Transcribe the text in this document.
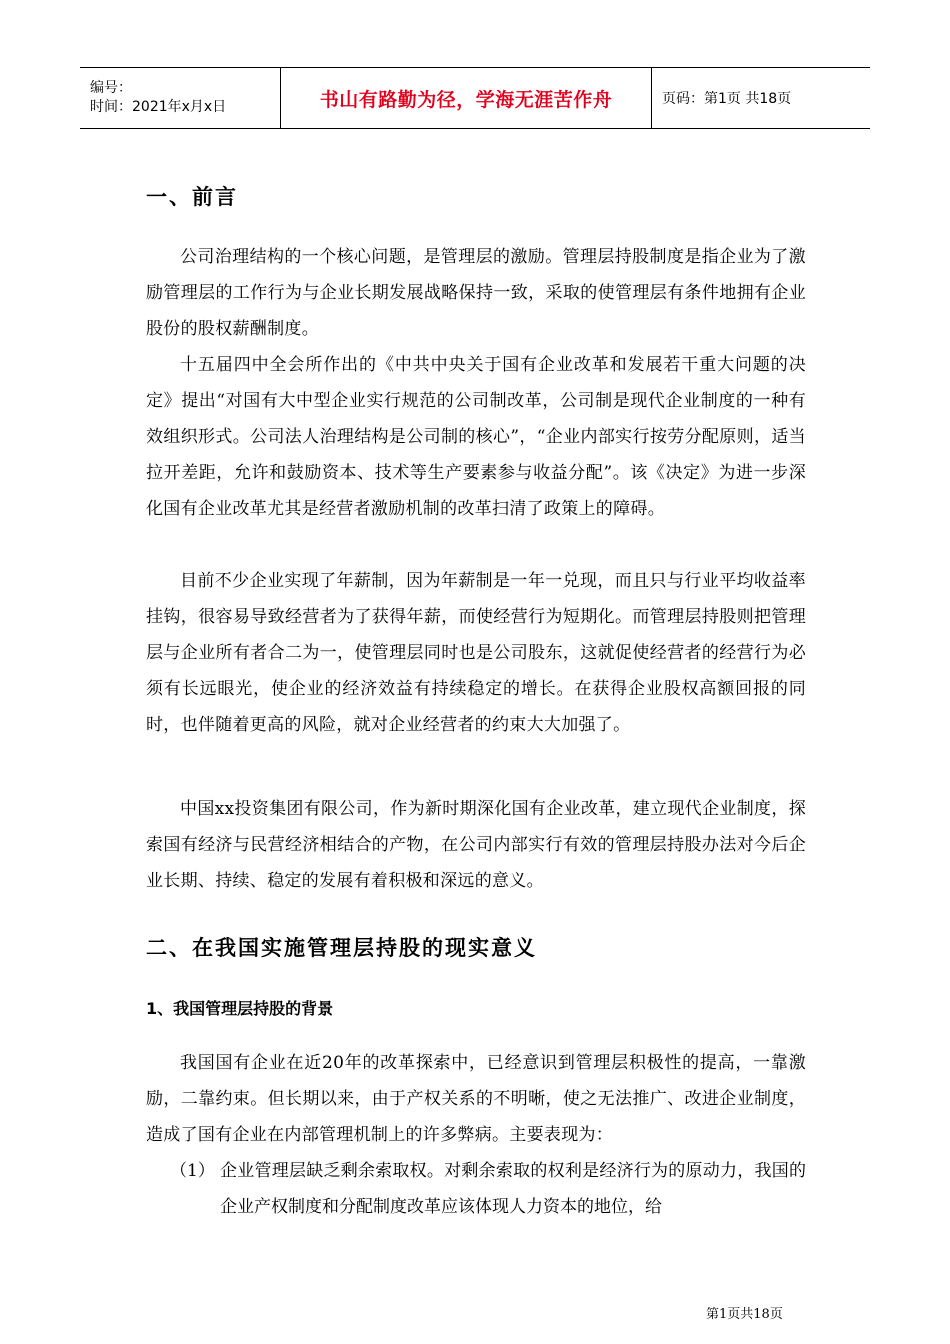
编号：
时间：2021年x月x日	书山有路勤为径，学海无涯苦作舟	页码：第1页 共18页
一、前言
公司治理结构的一个核心问题，是管理层的激励。管理层持股制度是指企业为了激励管理层的工作行为与企业长期发展战略保持一致，采取的使管理层有条件地拥有企业股份的股权薪酬制度。
十五届四中全会所作出的《中共中央关于国有企业改革和发展若干重大问题的决定》提出“对国有大中型企业实行规范的公司制改革，公司制是现代企业制度的一种有效组织形式。公司法人治理结构是公司制的核心”，“企业内部实行按劳分配原则，适当拉开差距，允许和鼓励资本、技术等生产要素参与收益分配”。该《决定》为进一步深化国有企业改革尤其是经营者激励机制的改革扫清了政策上的障碍。
目前不少企业实现了年薪制，因为年薪制是一年一兑现，而且只与行业平均收益率挂钩，很容易导致经营者为了获得年薪，而使经营行为短期化。而管理层持股则把管理层与企业所有者合二为一，使管理层同时也是公司股东，这就促使经营者的经营行为必须有长远眼光，使企业的经济效益有持续稳定的增长。在获得企业股权高额回报的同时，也伴随着更高的风险，就对企业经营者的约束大大加强了。
中国xx投资集团有限公司，作为新时期深化国有企业改革，建立现代企业制度，探索国有经济与民营经济相结合的产物，在公司内部实行有效的管理层持股办法对今后企业长期、持续、稳定的发展有着积极和深远的意义。
二、在我国实施管理层持股的现实意义
1、我国管理层持股的背景
我国国有企业在近20年的改革探索中，已经意识到管理层积极性的提高，一靠激励，二靠约束。但长期以来，由于产权关系的不明晰，使之无法推广、改进企业制度，造成了国有企业在内部管理机制上的许多弊病。主要表现为：
（1） 企业管理层缺乏剩余索取权。对剩余索取的权利是经济行为的原动力，我国的企业产权制度和分配制度改革应该体现人力资本的地位，给
第1页共18页
